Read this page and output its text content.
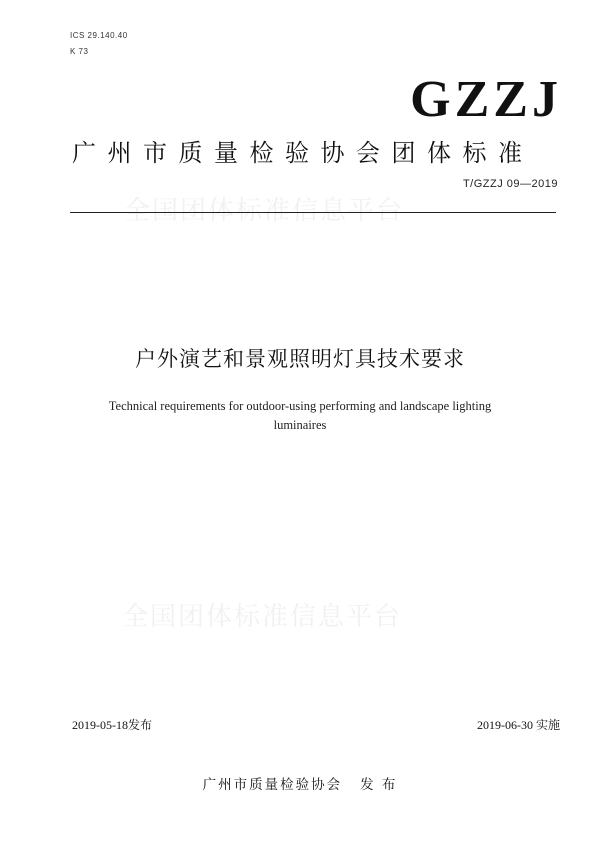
ICS 29.140.40
K 73
GZZJ
广州市质量检验协会团体标准
T/GZZJ 09—2019
全国团体标准信息平台
户外演艺和景观照明灯具技术要求
Technical requirements for outdoor-using performing and landscape lighting
luminaires
全国团体标准信息平台
2019-05-18发布	2019-06-30 实施
广州市质量检验协会 发 布
